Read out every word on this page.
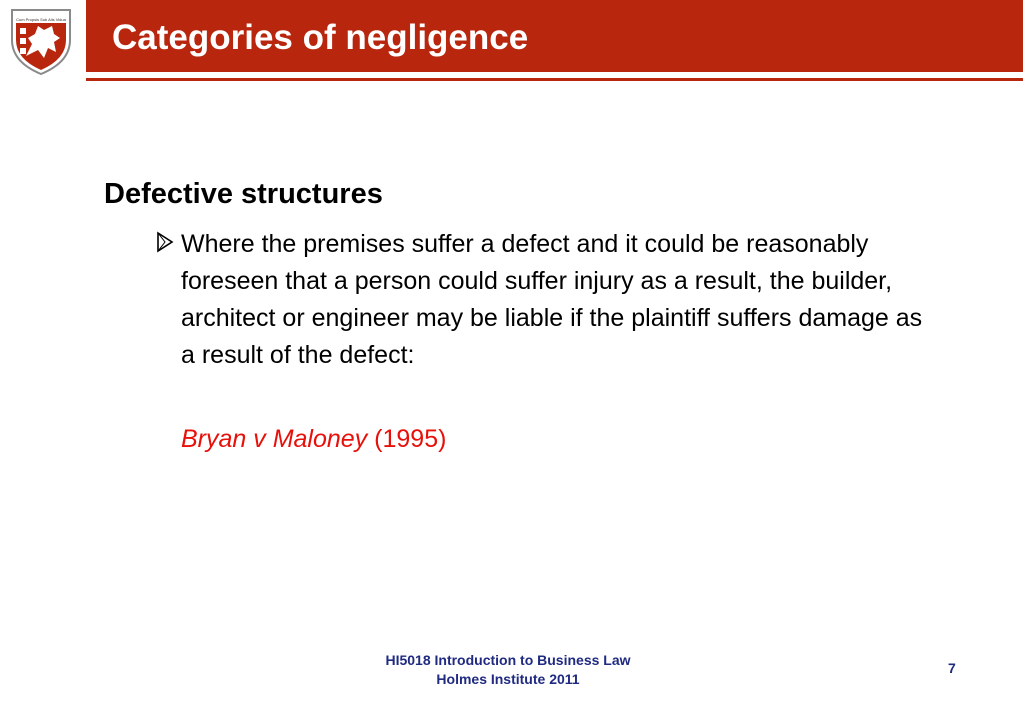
Cum Propsis Sub Alis Vidua Categories of negligence
Defective structures
Where the premises suffer a defect and it could be reasonably foreseen that a person could suffer injury as a result, the builder, architect or engineer may be liable if the plaintiff suffers damage as a result of the defect:
Bryan v Maloney (1995)
HI5018 Introduction to Business Law
Holmes Institute 2011
7
